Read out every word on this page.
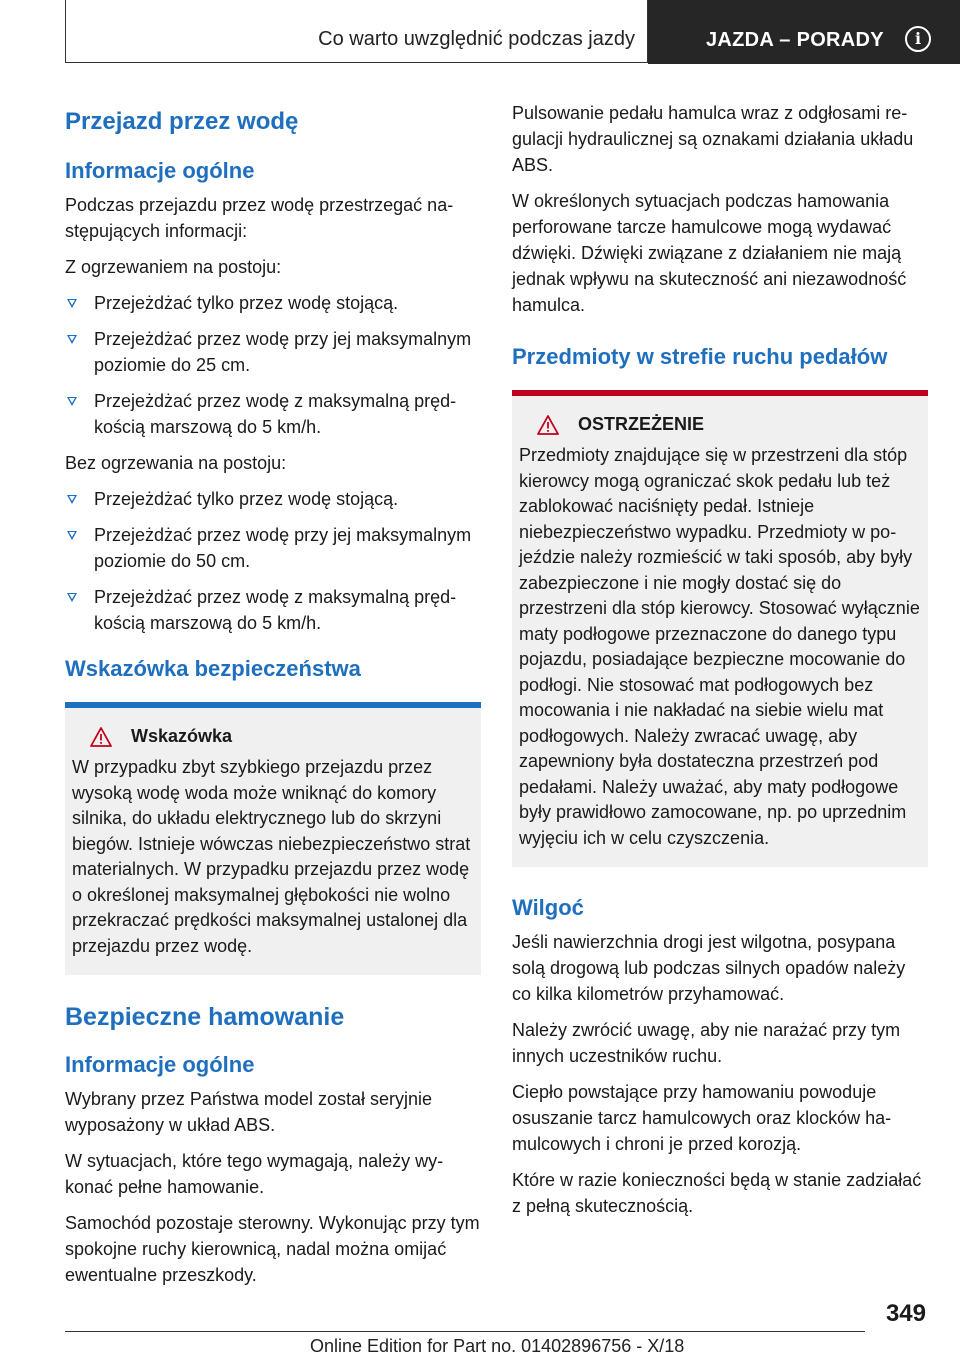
Co warto uwzględnić podczas jazdy	JAZDA – PORADY	i
Przejazd przez wodę
Informacje ogólne

Podczas przejazdu przez wodę przestrzegać następujących informacji:

Z ogrzewaniem na postoju:

Przejeżdżać tylko przez wodę stojącą.
Przejeżdżać przez wodę przy jej maksymalnym poziomie do 25 cm.
Przejeżdżać przez wodę z maksymalną prędkością marszową do 5 km/h.

Bez ogrzewania na postoju:

Przejeżdżać tylko przez wodę stojącą.
Przejeżdżać przez wodę przy jej maksymalnym poziomie do 50 cm.
Przejeżdżać przez wodę z maksymalną prędkością marszową do 5 km/h.
Wskazówka bezpieczeństwa
Wskazówka

W przypadku zbyt szybkiego przejazdu przez wysoką wodę woda może wniknąć do komory silnika, do układu elektrycznego lub do skrzyni biegów. Istnieje wówczas niebezpieczeństwo strat materialnych. W przypadku przejazdu przez wodę o określonej maksymalnej głębokości nie wolno przekraczać prędkości maksymalnej ustalonej dla przejazdu przez wodę.

Bezpieczne hamowanie
Informacje ogólne

Wybrany przez Państwa model został seryjnie wyposażony w układ ABS.

W sytuacjach, które tego wymagają, należy wykonać pełne hamowanie.

Samochód pozostaje sterowny. Wykonując przy tym spokojne ruchy kierownicą, nadal można omijać ewentualne przeszkody.

Pulsowanie pedału hamulca wraz z odgłosami regulacji hydraulicznej są oznakami działania układu ABS.

W określonych sytuacjach podczas hamowania perforowane tarcze hamulcowe mogą wydawać dźwięki. Dźwięki związane z działaniem nie mają jednak wpływu na skuteczność ani niezawodność hamulca.

Przedmioty w strefie ruchu pedałów
OSTRZEŻENIE

Przedmioty znajdujące się w przestrzeni dla stóp kierowcy mogą ograniczać skok pedału lub też zablokować naciśnięty pedał. Istnieje niebezpieczeństwo wypadku. Przedmioty w pojeździe należy rozmieścić w taki sposób, aby były zabezpieczone i nie mogły dostać się do przestrzeni dla stóp kierowcy. Stosować wyłącznie maty podłogowe przeznaczone do danego typu pojazdu, posiadające bezpieczne mocowanie do podłogi. Nie stosować mat podłogowych bez mocowania i nie nakładać na siebie wielu mat podłogowych. Należy zwracać uwagę, aby zapewniony była dostateczna przestrzeń pod pedałami. Należy uważać, aby maty podłogowe były prawidłowo zamocowane, np. po uprzednim wyjęciu ich w celu czyszczenia.

Wilgoć

Jeśli nawierzchnia drogi jest wilgotna, posypana solą drogową lub podczas silnych opadów należy co kilka kilometrów przyhamować.

Należy zwrócić uwagę, aby nie narażać przy tym innych uczestników ruchu.

Ciepło powstające przy hamowaniu powoduje osuszanie tarcz hamulcowych oraz klocków hamulcowych i chroni je przed korozją.

Które w razie konieczności będą w stanie zadziałać z pełną skutecznością.

349
Online Edition for Part no. 01402896756 - X/18
